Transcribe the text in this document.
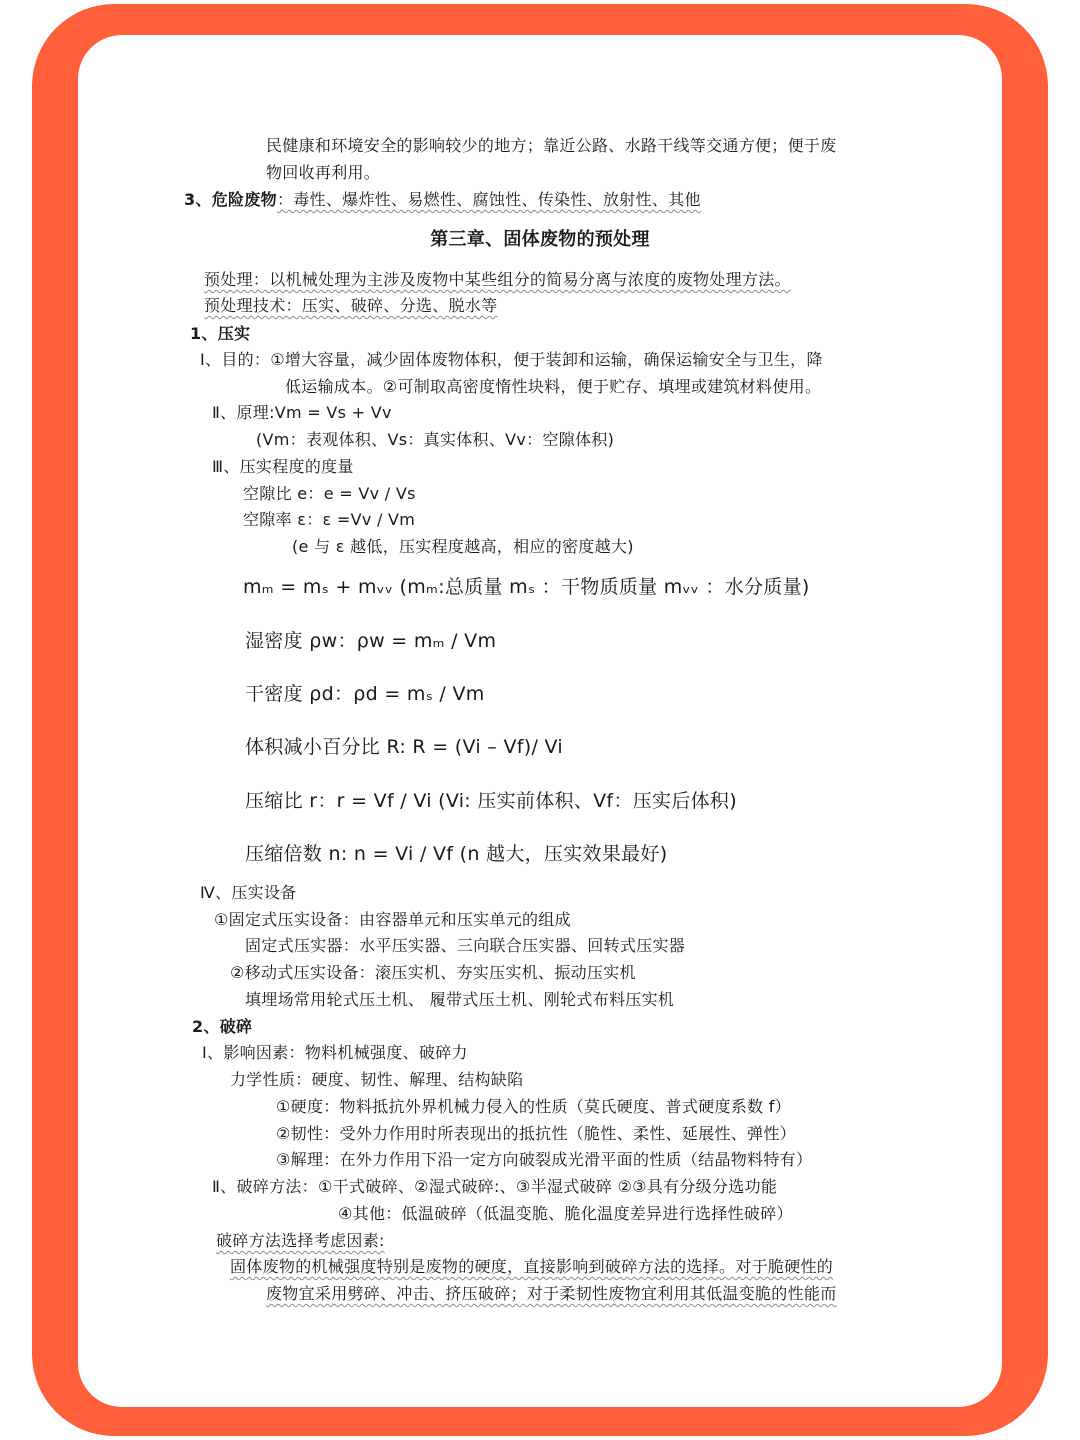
民健康和环境安全的影响较少的地方；靠近公路、水路干线等交通方便；便于废
物回收再利用。
3、危险废物：毒性、爆炸性、易燃性、腐蚀性、传染性、放射性、其他
第三章、固体废物的预处理
预处理：以机械处理为主涉及废物中某些组分的简易分离与浓度的废物处理方法。
预处理技术：压实、破碎、分选、脱水等
1、压实
Ⅰ、目的：①增大容量，减少固体废物体积，便于装卸和运输，确保运输安全与卫生，降
低运输成本。②可制取高密度惰性块料，便于贮存、填埋或建筑材料使用。
Ⅱ、原理:Vm = Vs + Vv
(Vm：表观体积、Vs：真实体积、Vv：空隙体积)
Ⅲ、压实程度的度量
空隙比 e：e = Vv / Vs
空隙率 ε：ε =Vv / Vm
(e 与 ε 越低，压实程度越高，相应的密度越大)
mₘ = mₛ + mᵥᵥ (mₘ:总质量 mₛ ：干物质质量 mᵥᵥ ：水分质量)
湿密度 ρw：ρw = mₘ / Vm
干密度 ρd：ρd = mₛ / Vm
体积减小百分比 R: R = (Vi – Vf)/ Vi
压缩比 r：r = Vf / Vi (Vi: 压实前体积、Vf：压实后体积)
压缩倍数 n: n = Vi / Vf (n 越大，压实效果最好)
Ⅳ、压实设备
①固定式压实设备：由容器单元和压实单元的组成
固定式压实器：水平压实器、三向联合压实器、回转式压实器
②移动式压实设备：滚压实机、夯实压实机、振动压实机
填埋场常用轮式压土机、 履带式压土机、刚轮式布料压实机
2、破碎
Ⅰ、影响因素：物料机械强度、破碎力
力学性质：硬度、韧性、解理、结构缺陷
①硬度：物料抵抗外界机械力侵入的性质（莫氏硬度、普式硬度系数 f）
②韧性：受外力作用时所表现出的抵抗性（脆性、柔性、延展性、弹性）
③解理：在外力作用下沿一定方向破裂成光滑平面的性质（结晶物料特有）
Ⅱ、破碎方法：①干式破碎、②湿式破碎:、③半湿式破碎 ②③具有分级分选功能
④其他：低温破碎（低温变脆、脆化温度差异进行选择性破碎）
破碎方法选择考虑因素:
固体废物的机械强度特别是废物的硬度，直接影响到破碎方法的选择。对于脆硬性的
废物宜采用劈碎、冲击、挤压破碎；对于柔韧性废物宜利用其低温变脆的性能而
